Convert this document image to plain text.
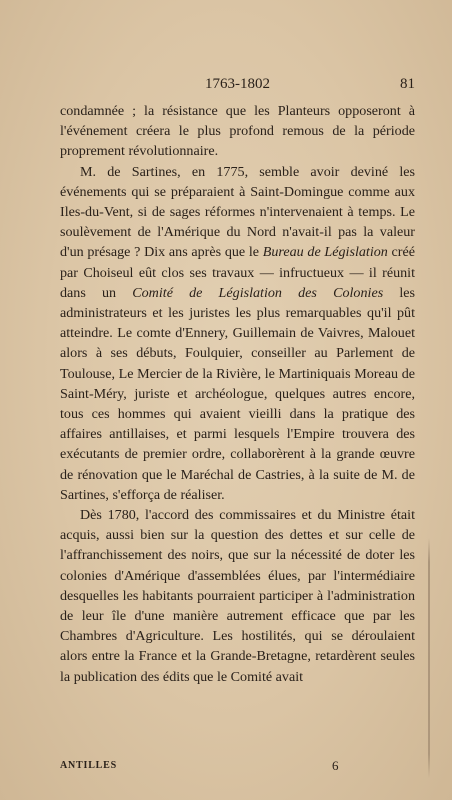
1763-1802	81

condamnée ; la résistance que les Planteurs opposeront à l'événement créera le plus profond remous de la période proprement révolutionnaire.

M. de Sartines, en 1775, semble avoir deviné les événements qui se préparaient à Saint-Domingue comme aux Iles-du-Vent, si de sages réformes n'intervenaient à temps. Le soulèvement de l'Amérique du Nord n'avait-il pas la valeur d'un présage ? Dix ans après que le Bureau de Législation créé par Choiseul eût clos ses travaux — infructueux — il réunit dans un Comité de Législation des Colonies les administrateurs et les juristes les plus remarquables qu'il pût atteindre. Le comte d'Ennery, Guillemain de Vaivres, Malouet alors à ses débuts, Foulquier, conseiller au Parlement de Toulouse, Le Mercier de la Rivière, le Martiniquais Moreau de Saint-Méry, juriste et archéologue, quelques autres encore, tous ces hommes qui avaient vieilli dans la pratique des affaires antillaises, et parmi lesquels l'Empire trouvera des exécutants de premier ordre, collaborèrent à la grande œuvre de rénovation que le Maréchal de Castries, à la suite de M. de Sartines, s'efforça de réaliser.

Dès 1780, l'accord des commissaires et du Ministre était acquis, aussi bien sur la question des dettes et sur celle de l'affranchissement des noirs, que sur la nécessité de doter les colonies d'Amérique d'assemblées élues, par l'intermédiaire desquelles les habitants pourraient participer à l'administration de leur île d'une manière autrement efficace que par les Chambres d'Agriculture. Les hostilités, qui se déroulaient alors entre la France et la Grande-Bretagne, retardèrent seules la publication des édits que le Comité avait

ANTILLES	6
